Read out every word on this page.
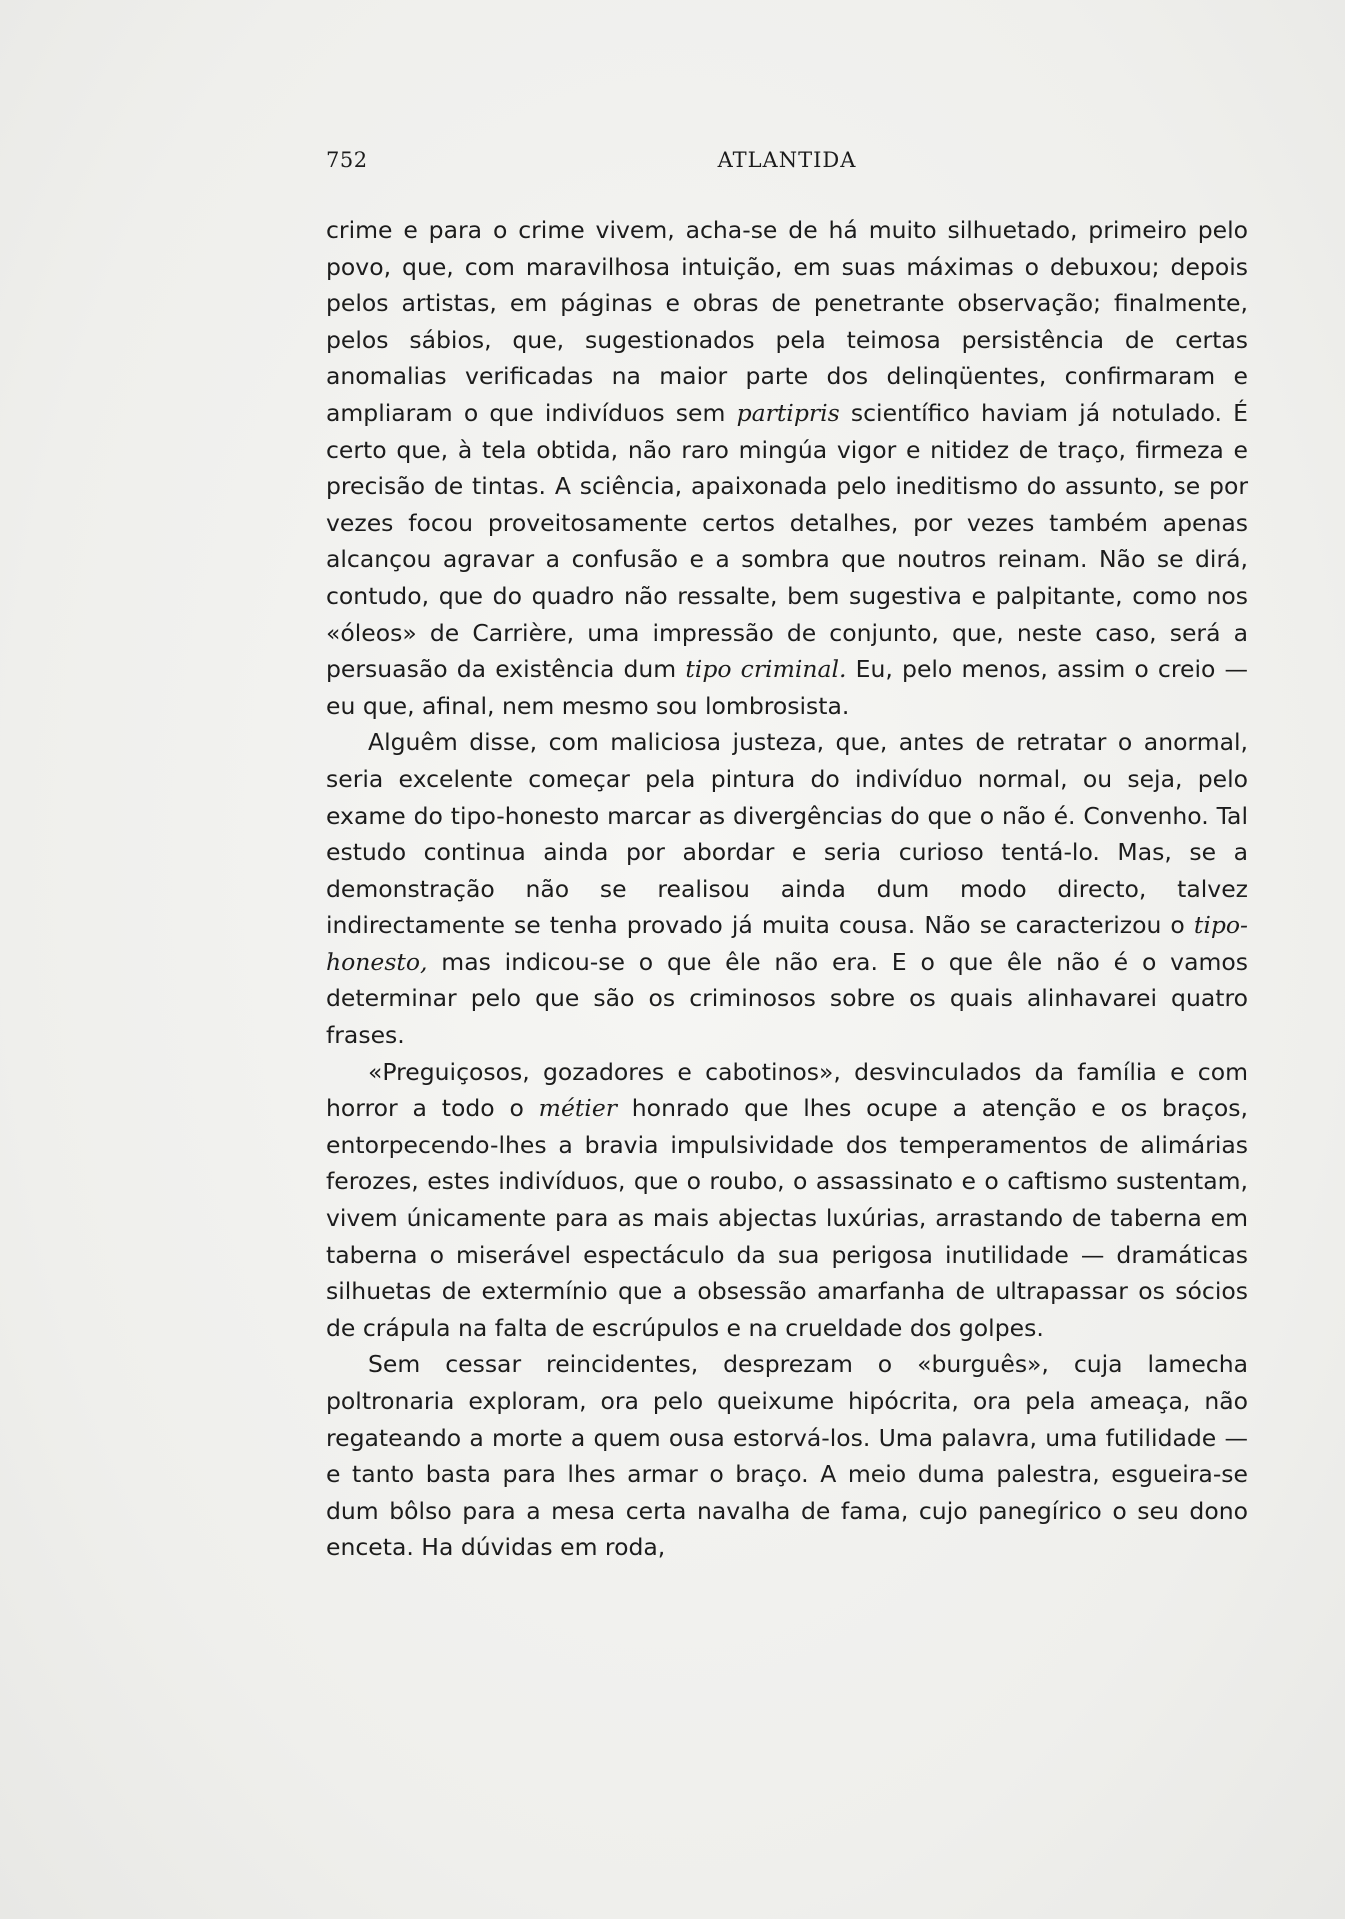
752	ATLANTIDA

crime e para o crime vivem, acha-se de há muito silhuetado, primeiro pelo povo, que, com maravilhosa intuição, em suas máximas o debuxou; depois pelos artistas, em páginas e obras de penetrante observação; finalmente, pelos sábios, que, sugestionados pela teimosa persistência de certas anomalias verificadas na maior parte dos delinqüentes, confirmaram e ampliaram o que indivíduos sem partipris scientífico haviam já notulado. É certo que, à tela obtida, não raro mingúa vigor e nitidez de traço, firmeza e precisão de tintas. A sciência, apaixonada pelo ineditismo do assunto, se por vezes focou proveitosamente certos detalhes, por vezes também apenas alcançou agravar a confusão e a sombra que noutros reinam. Não se dirá, contudo, que do quadro não ressalte, bem sugestiva e palpitante, como nos «óleos» de Carrière, uma impressão de conjunto, que, neste caso, será a persuasão da existência dum tipo criminal. Eu, pelo menos, assim o creio — eu que, afinal, nem mesmo sou lombrosista.

Alguêm disse, com maliciosa justeza, que, antes de retratar o anormal, seria excelente começar pela pintura do indivíduo normal, ou seja, pelo exame do tipo-honesto marcar as divergências do que o não é. Convenho. Tal estudo continua ainda por abordar e seria curioso tentá-lo. Mas, se a demonstração não se realisou ainda dum modo directo, talvez indirectamente se tenha provado já muita cousa. Não se caracterizou o tipo-honesto, mas indicou-se o que êle não era. E o que êle não é o vamos determinar pelo que são os criminosos sobre os quais alinhavarei quatro frases.

«Preguiçosos, gozadores e cabotinos», desvinculados da família e com horror a todo o métier honrado que lhes ocupe a atenção e os braços, entorpecendo-lhes a bravia impulsividade dos temperamentos de alimárias ferozes, estes indivíduos, que o roubo, o assassinato e o caftismo sustentam, vivem únicamente para as mais abjectas luxúrias, arrastando de taberna em taberna o miserável espectáculo da sua perigosa inutilidade — dramáticas silhuetas de extermínio que a obsessão amarfanha de ultrapassar os sócios de crápula na falta de escrúpulos e na crueldade dos golpes.

Sem cessar reincidentes, desprezam o «burguês», cuja lamecha poltronaria exploram, ora pelo queixume hipócrita, ora pela ameaça, não regateando a morte a quem ousa estorvá-los. Uma palavra, uma futilidade — e tanto basta para lhes armar o braço. A meio duma palestra, esgueira-se dum bôlso para a mesa certa navalha de fama, cujo panegírico o seu dono enceta. Ha dúvidas em roda,
